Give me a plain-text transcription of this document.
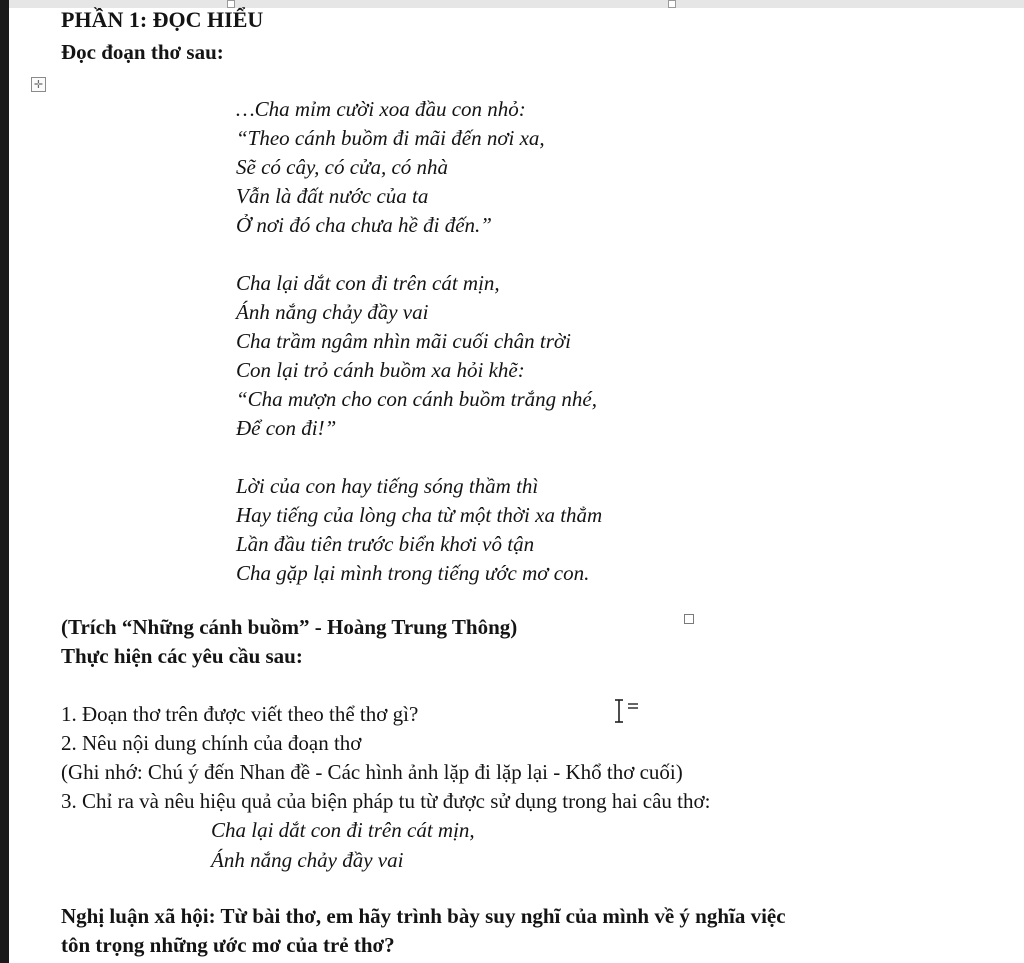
✛
PHẦN 1: ĐỌC HIỂU
Đọc đoạn thơ sau:
…Cha mỉm cười xoa đầu con nhỏ:
“Theo cánh buồm đi mãi đến nơi xa,
Sẽ có cây, có cửa, có nhà
Vẫn là đất nước của ta
Ở nơi đó cha chưa hề đi đến.”
Cha lại dắt con đi trên cát mịn,
Ánh nắng chảy đầy vai
Cha trầm ngâm nhìn mãi cuối chân trời
Con lại trỏ cánh buồm xa hỏi khẽ:
“Cha mượn cho con cánh buồm trắng nhé,
Để con đi!”
Lời của con hay tiếng sóng thầm thì
Hay tiếng của lòng cha từ một thời xa thẳm
Lần đầu tiên trước biển khơi vô tận
Cha gặp lại mình trong tiếng ước mơ con.
(Trích “Những cánh buồm” - Hoàng Trung Thông)
Thực hiện các yêu cầu sau:
1. Đoạn thơ trên được viết theo thể thơ gì?
2. Nêu nội dung chính của đoạn thơ
(Ghi nhớ: Chú ý đến Nhan đề - Các hình ảnh lặp đi lặp lại - Khổ thơ cuối)
3. Chỉ ra và nêu hiệu quả của biện pháp tu từ được sử dụng trong hai câu thơ:
Cha lại dắt con đi trên cát mịn,
Ánh nắng chảy đầy vai
Nghị luận xã hội: Từ bài thơ, em hãy trình bày suy nghĩ của mình về ý nghĩa việc
tôn trọng những ước mơ của trẻ thơ?
